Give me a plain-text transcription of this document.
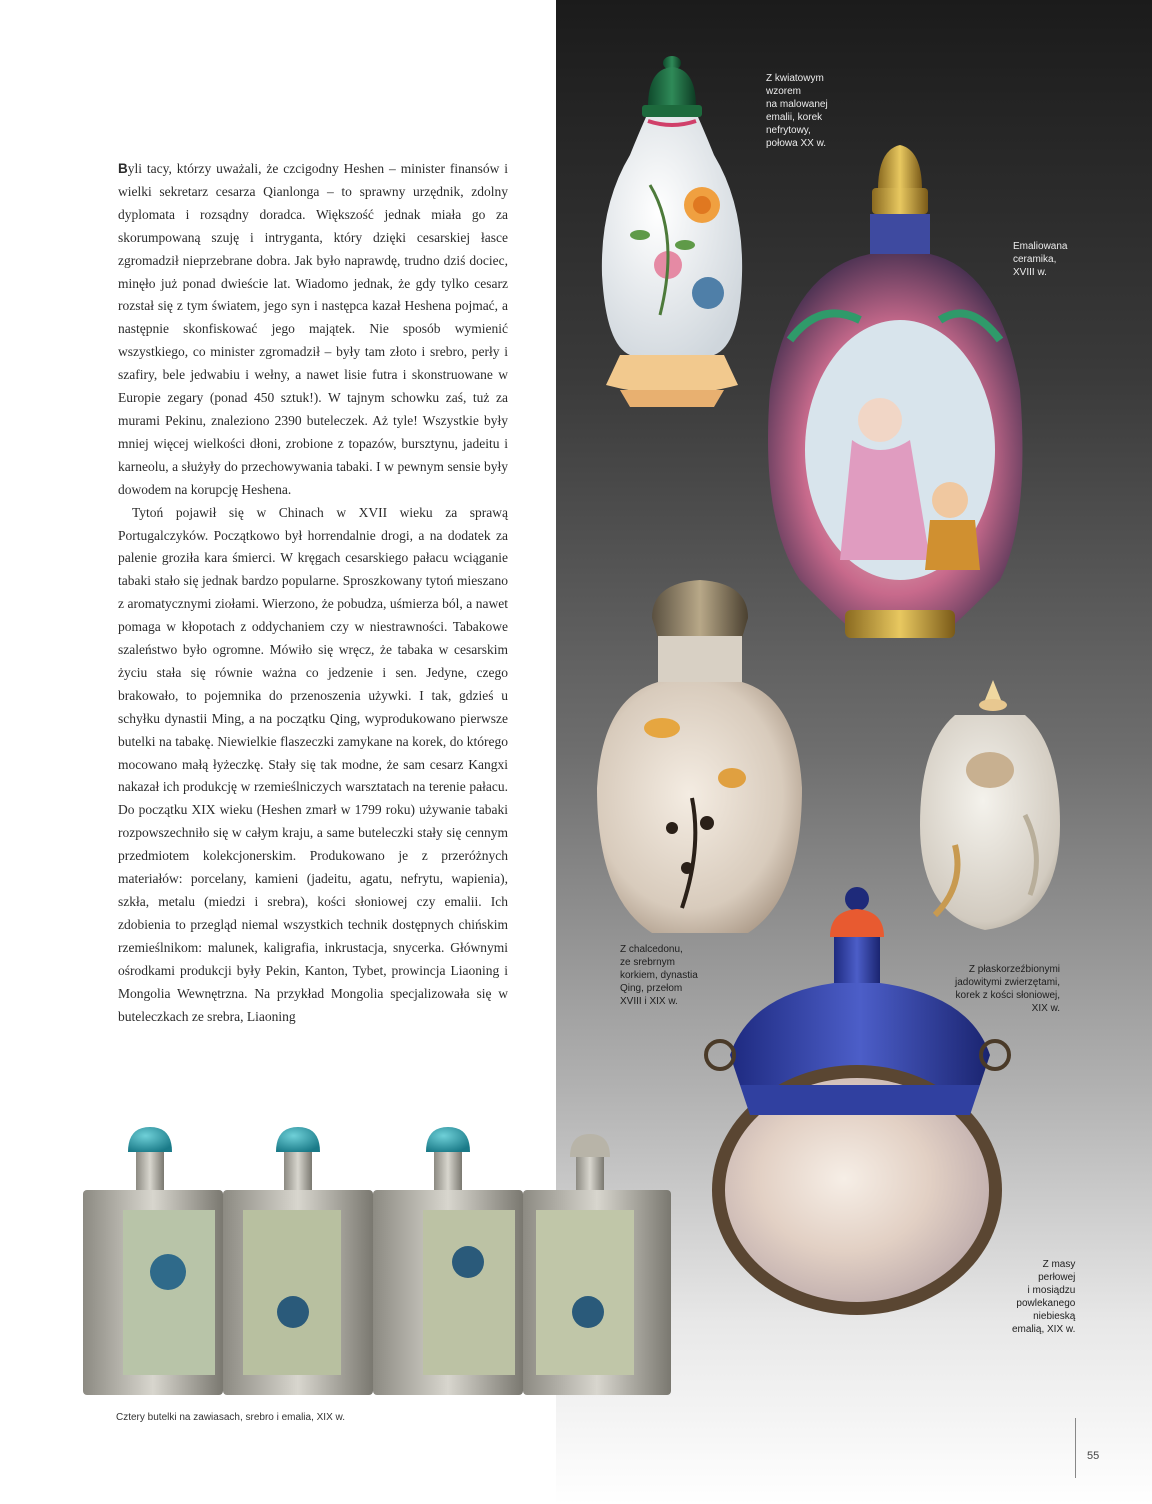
Byli tacy, którzy uważali, że czcigodny Heshen – minister finansów i wielki sekretarz cesarza Qianlonga – to sprawny urzędnik, zdolny dyplomata i rozsądny doradca. Większość jednak miała go za skorumpowaną szuję i intryganta, który dzięki cesarskiej łasce zgromadził nieprzebrane dobra. Jak było naprawdę, trudno dziś dociec, minęło już ponad dwieście lat. Wiadomo jednak, że gdy tylko cesarz rozstał się z tym światem, jego syn i następca kazał Heshena pojmać, a następnie skonfiskować jego majątek. Nie sposób wymienić wszystkiego, co minister zgromadził – były tam złoto i srebro, perły i szafiry, bele jedwabiu i wełny, a nawet lisie futra i skonstruowane w Europie zegary (ponad 450 sztuk!). W tajnym schowku zaś, tuż za murami Pekinu, znaleziono 2390 buteleczek. Aż tyle! Wszystkie były mniej więcej wielkości dłoni, zrobione z topazów, bursztynu, jadeitu i karneolu, a służyły do przechowywania tabaki. I w pewnym sensie były dowodem na korupcję Heshena.

Tytoń pojawił się w Chinach w XVII wieku za sprawą Portugalczyków. Początkowo był horrendalnie drogi, a na dodatek za palenie groziła kara śmierci. W kręgach cesarskiego pałacu wciąganie tabaki stało się jednak bardzo popularne. Sproszkowany tytoń mieszano z aromatycznymi ziołami. Wierzono, że pobudza, uśmierza ból, a nawet pomaga w kłopotach z oddychaniem czy w niestrawności. Tabakowe szaleństwo było ogromne. Mówiło się wręcz, że tabaka w cesarskim życiu stała się równie ważna co jedzenie i sen. Jedyne, czego brakowało, to pojemnika do przenoszenia używki. I tak, gdzieś u schyłku dynastii Ming, a na początku Qing, wyprodukowano pierwsze butelki na tabakę. Niewielkie flaszeczki zamykane na korek, do którego mocowano małą łyżeczkę. Stały się tak modne, że sam cesarz Kangxi nakazał ich produkcję w rzemieślniczych warsztatach na terenie pałacu. Do początku XIX wieku (Heshen zmarł w 1799 roku) używanie tabaki rozpowszechniło się w całym kraju, a same buteleczki stały się cennym przedmiotem kolekcjonerskim. Produkowano je z przeróżnych materiałów: porcelany, kamieni (jadeitu, agatu, nefrytu, wapienia), szkła, metalu (miedzi i srebra), kości słoniowej czy emalii. Ich zdobienia to przegląd niemal wszystkich technik dostępnych chińskim rzemieślnikom: malunek, kaligrafia, inkrustacja, snycerka. Głównymi ośrodkami produkcji były Pekin, Kanton, Tybet, prowincja Liaoning i Mongolia Wewnętrzna. Na przykład Mongolia specjalizowała się w buteleczkach ze srebra, Liaoning

Z kwiatowym
wzorem
na malowanej
emalii, korek
nefrytowy,
połowa XX w.
Emaliowana
ceramika,
XVIII w.
Z chalcedonu,
ze srebrnym
korkiem, dynastia
Qing, przełom
XVIII i XIX w.
Z płaskorzeźbionymi
jadowitymi zwierzętami,
korek z kości słoniowej,
XIX w.
Z masy
perłowej
i mosiądzu
powlekanego
niebieską
emalią, XIX w.
Cztery butelki na zawiasach, srebro i emalia, XIX w.
55
